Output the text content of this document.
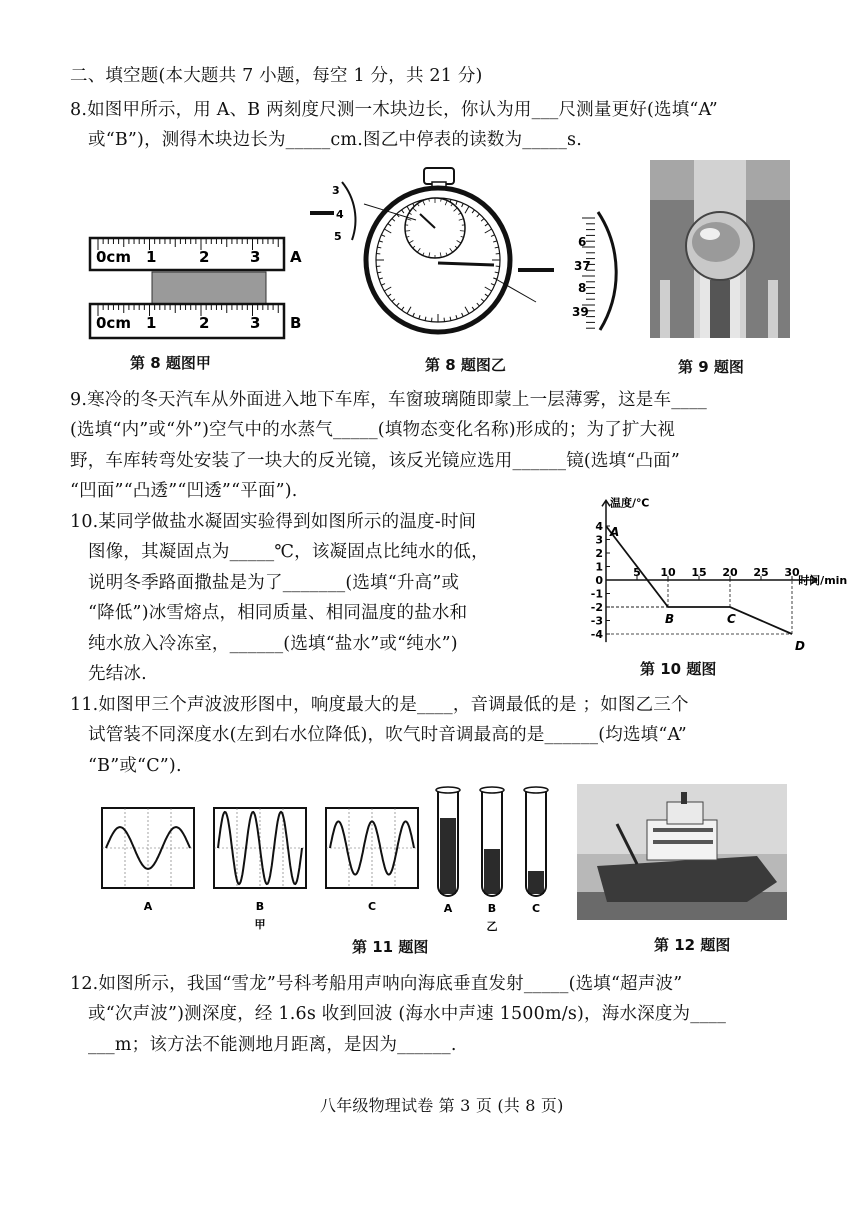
二、填空题(本大题共 7 小题，每空 1 分，共 21 分)
8.如图甲所示，用 A、B 两刻度尺测一木块边长，你认为用___尺测量更好(选填“A”
或“B”)，测得木块边长为_____cm.图乙中停表的读数为_____s.
0cm 1	2	3 A
0cm 1	2	3 B
第 8 题图甲
3
4
5	6
37
8
39
第 8 题图乙	第 9 题图
9.寒冷的冬天汽车从外面进入地下车库，车窗玻璃随即蒙上一层薄雾，这是车____
(选填“内”或“外”)空气中的水蒸气_____(填物态变化名称)形成的；为了扩大视
野，车库转弯处安装了一块大的反光镜，该反光镜应选用______镜(选填“凸面”
“凹面”“凸透”“凹透”“平面”).
10.某同学做盐水凝固实验得到如图所示的温度-时间
图像，其凝固点为_____℃，该凝固点比纯水的低，
说明冬季路面撒盐是为了_______(选填“升高”或
“降低”)冰雪熔点，相同质量、相同温度的盐水和
纯水放入冷冻室，______(选填“盐水”或“纯水”)
先结冰.
4
3
2
1
0
-1
-2
-3
-4
5 10 15 20 25 30
温度/℃
时间/min
A
B	C
D
第 10 题图
11.如图甲三个声波波形图中，响度最大的是____，音调最低的是 ；如图乙三个
试管装不同深度水(左到右水位降低)，吹气时音调最高的是______(均选填“A”
“B”或“C”).
A	B	C
甲
A	B	C
乙
第 11 题图	第 12 题图
12.如图所示，我国“雪龙”号科考船用声呐向海底垂直发射_____(选填“超声波”
或“次声波”)测深度，经 1.6s 收到回波 (海水中声速 1500m/s)，海水深度为____
___m；该方法不能测地月距离，是因为______.
八年级物理试卷 第 3 页 (共 8 页)
